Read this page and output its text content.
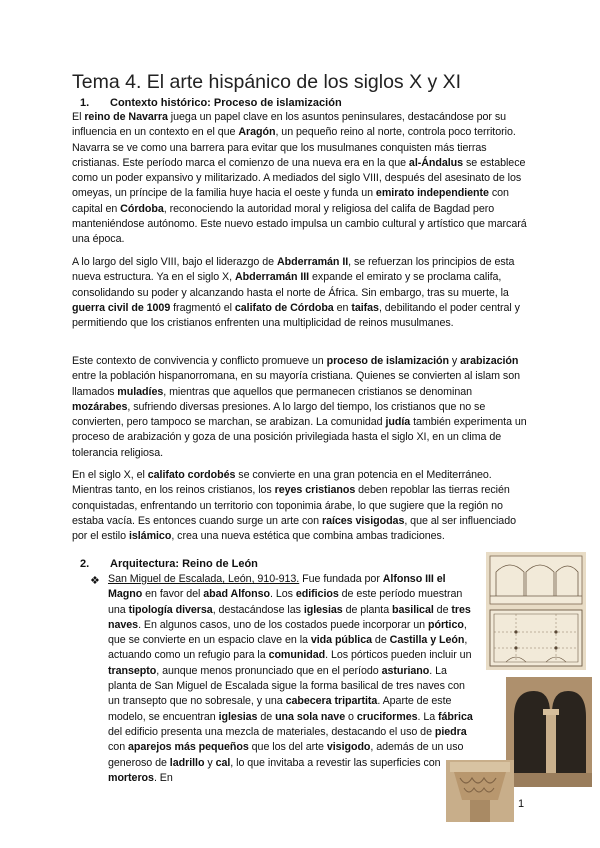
Tema 4. El arte hispánico de los siglos X y XI
1. Contexto histórico: Proceso de islamización

El reino de Navarra juega un papel clave en los asuntos peninsulares, destacándose por su influencia en un contexto en el que Aragón, un pequeño reino al norte, controla poco territorio. Navarra se ve como una barrera para evitar que los musulmanes conquisten más tierras cristianas. Este período marca el comienzo de una nueva era en la que al-Ándalus se establece como un poder expansivo y militarizado. A mediados del siglo VIII, después del asesinato de los omeyas, un príncipe de la familia huye hacia el oeste y funda un emirato independiente con capital en Córdoba, reconociendo la autoridad moral y religiosa del califa de Bagdad pero manteniéndose autónomo. Este nuevo estado impulsa un cambio cultural y artístico que marcará una época.

A lo largo del siglo VIII, bajo el liderazgo de Abderramán II, se refuerzan los principios de esta nueva estructura. Ya en el siglo X, Abderramán III expande el emirato y se proclama califa, consolidando su poder y alcanzando hasta el norte de África. Sin embargo, tras su muerte, la guerra civil de 1009 fragmentó el califato de Córdoba en taifas, debilitando el poder central y permitiendo que los cristianos enfrenten una multiplicidad de reinos musulmanes.

Este contexto de convivencia y conflicto promueve un proceso de islamización y arabización entre la población hispanorromana, en su mayoría cristiana. Quienes se convierten al islam son llamados muladíes, mientras que aquellos que permanecen cristianos se denominan mozárabes, sufriendo diversas presiones. A lo largo del tiempo, los cristianos que no se convierten, pero tampoco se marchan, se arabizan. La comunidad judía también experimenta un proceso de arabización y goza de una posición privilegiada hasta el siglo XI, en un clima de tolerancia religiosa.

En el siglo X, el califato cordobés se convierte en una gran potencia en el Mediterráneo. Mientras tanto, en los reinos cristianos, los reyes cristianos deben repoblar las tierras recién conquistadas, enfrentando un territorio con toponimia árabe, lo que sugiere que la región no estaba vacía. Es entonces cuando surge un arte con raíces visigodas, que al ser influenciado por el estilo islámico, crea una nueva estética que combina ambas tradiciones.

2. Arquitectura: Reino de León
❖ San Miguel de Escalada, León, 910-913. Fue fundada por Alfonso III el Magno en favor del abad Alfonso. Los edificios de este período muestran una tipología diversa, destacándose las iglesias de planta basilical de tres naves. En algunos casos, uno de los costados puede incorporar un pórtico, que se convierte en un espacio clave en la vida pública de Castilla y León, actuando como un refugio para la comunidad. Los pórticos pueden incluir un transepto, aunque menos pronunciado que en el período asturiano. La planta de San Miguel de Escalada sigue la forma basilical de tres naves con un transepto que no sobresale, y una cabecera tripartita. Aparte de este modelo, se encuentran iglesias de una sola nave o cruciformes. La fábrica del edificio presenta una mezcla de materiales, destacando el uso de piedra con aparejos más pequeños que los del arte visigodo, además de un uso generoso de ladrillo y cal, lo que invitaba a revestir las superficies con morteros. En

1
